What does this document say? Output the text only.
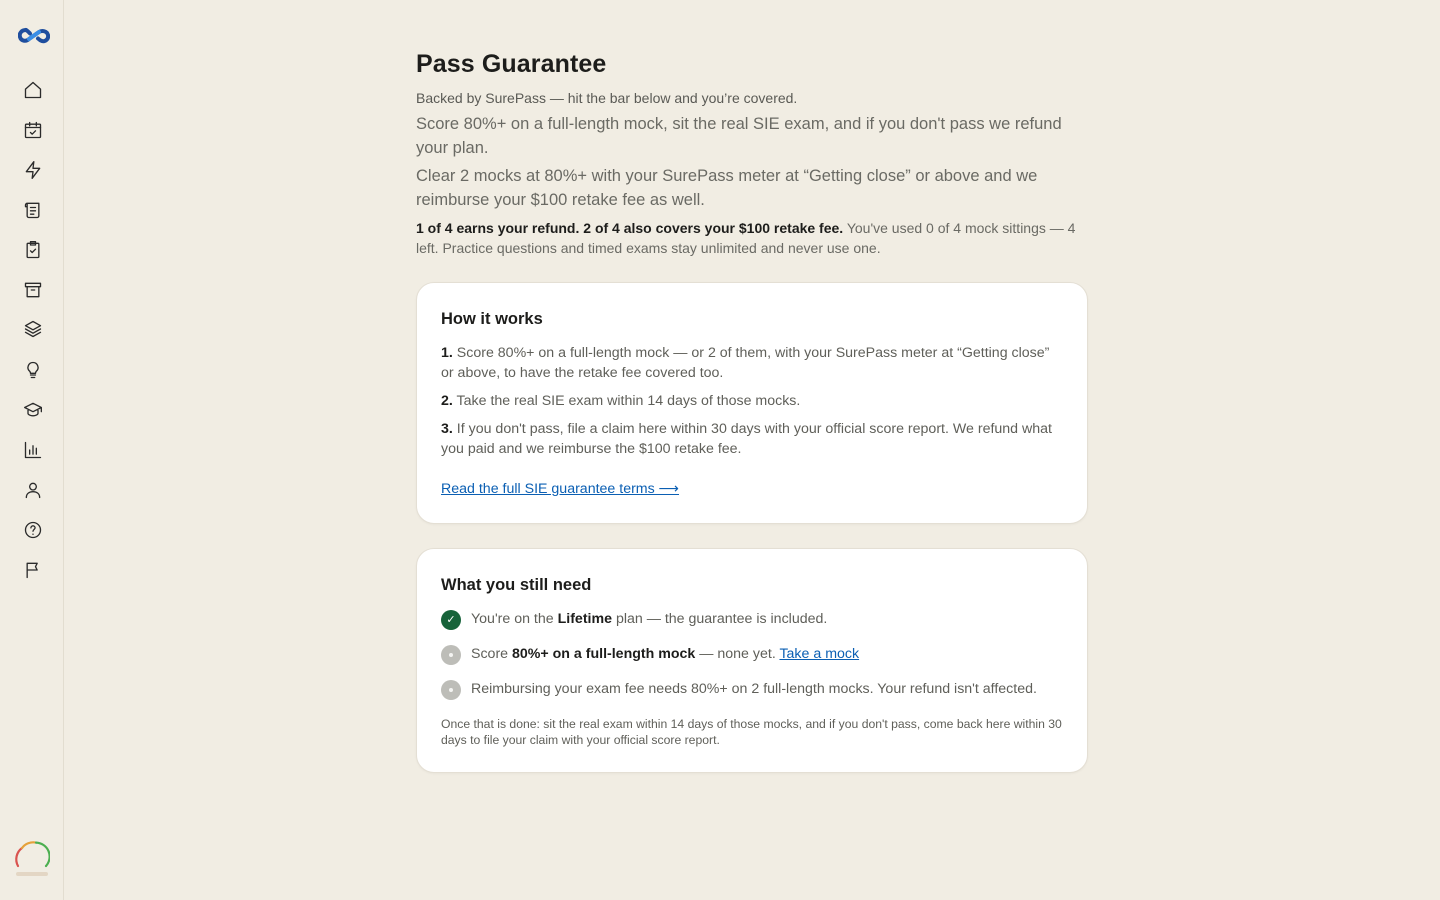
Pass Guarantee

Backed by SurePass — hit the bar below and you’re covered.

Score 80%+ on a full-length mock, sit the real SIE exam, and if you don't pass we refund your plan.

Clear 2 mocks at 80%+ with your SurePass meter at “Getting close” or above and we reimburse your $100 retake fee as well.

1 of 4 earns your refund. 2 of 4 also covers your $100 retake fee. You've used 0 of 4 mock sittings — 4 left. Practice questions and timed exams stay unlimited and never use one.

How it works

1. Score 80%+ on a full-length mock — or 2 of them, with your SurePass meter at “Getting close” or above, to have the retake fee covered too.

2. Take the real SIE exam within 14 days of those mocks.

3. If you don't pass, file a claim here within 30 days with your official score report. We refund what you paid and we reimburse the $100 retake fee.

Read the full SIE guarantee terms ⟶
What you still need
✓	You're on the Lifetime plan — the guarantee is included.
Score 80%+ on a full-length mock — none yet. Take a mock
Reimbursing your exam fee needs 80%+ on 2 full-length mocks. Your refund isn't affected.

Once that is done: sit the real exam within 14 days of those mocks, and if you don't pass, come back here within 30 days to file your claim with your official score report.
